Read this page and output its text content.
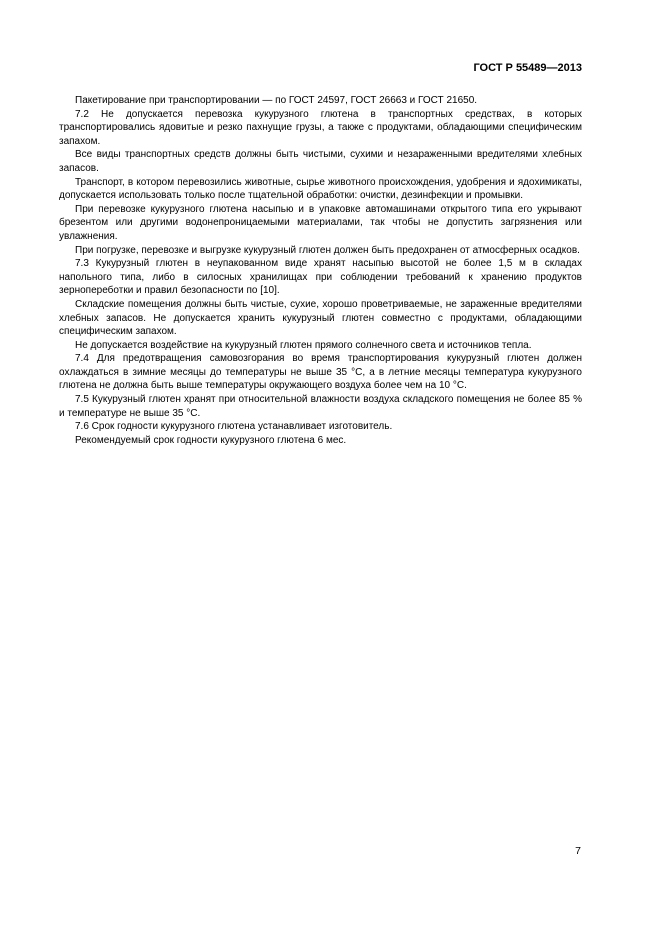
ГОСТ Р 55489—2013

Пакетирование при транспортировании — по ГОСТ 24597, ГОСТ 26663 и ГОСТ 21650.

7.2 Не допускается перевозка кукурузного глютена в транспортных средствах, в которых транспортировались ядовитые и резко пахнущие грузы, а также с продуктами, обладающими специфическим запахом.

Все виды транспортных средств должны быть чистыми, сухими и незараженными вредителями хлебных запасов.

Транспорт, в котором перевозились животные, сырье животного происхождения, удобрения и ядохимикаты, допускается использовать только после тщательной обработки: очистки, дезинфекции и промывки.

При перевозке кукурузного глютена насыпью и в упаковке автомашинами открытого типа его укрывают брезентом или другими водонепроницаемыми материалами, так чтобы не допустить загрязнения или увлажнения.

При погрузке, перевозке и выгрузке кукурузный глютен должен быть предохранен от атмосферных осадков.

7.3 Кукурузный глютен в неупакованном виде хранят насыпью высотой не более 1,5 м в складах напольного типа, либо в силосных хранилищах при соблюдении требований к хранению продуктов зернопереботки и правил безопасности по [10].

Складские помещения должны быть чистые, сухие, хорошо проветриваемые, не зараженные вредителями хлебных запасов. Не допускается хранить кукурузный глютен совместно с продуктами, обладающими специфическим запахом.

Не допускается воздействие на кукурузный глютен прямого солнечного света и источников тепла.

7.4 Для предотвращения самовозгорания во время транспортирования кукурузный глютен должен охлаждаться в зимние месяцы до температуры не выше 35 °С, а в летние месяцы температура кукурузного глютена не должна быть выше температуры окружающего воздуха более чем на 10 °С.

7.5 Кукурузный глютен хранят при относительной влажности воздуха складского помещения не более 85 % и температуре не выше 35 °С.

7.6 Срок годности кукурузного глютена устанавливает изготовитель.

Рекомендуемый срок годности кукурузного глютена 6 мес.

7
